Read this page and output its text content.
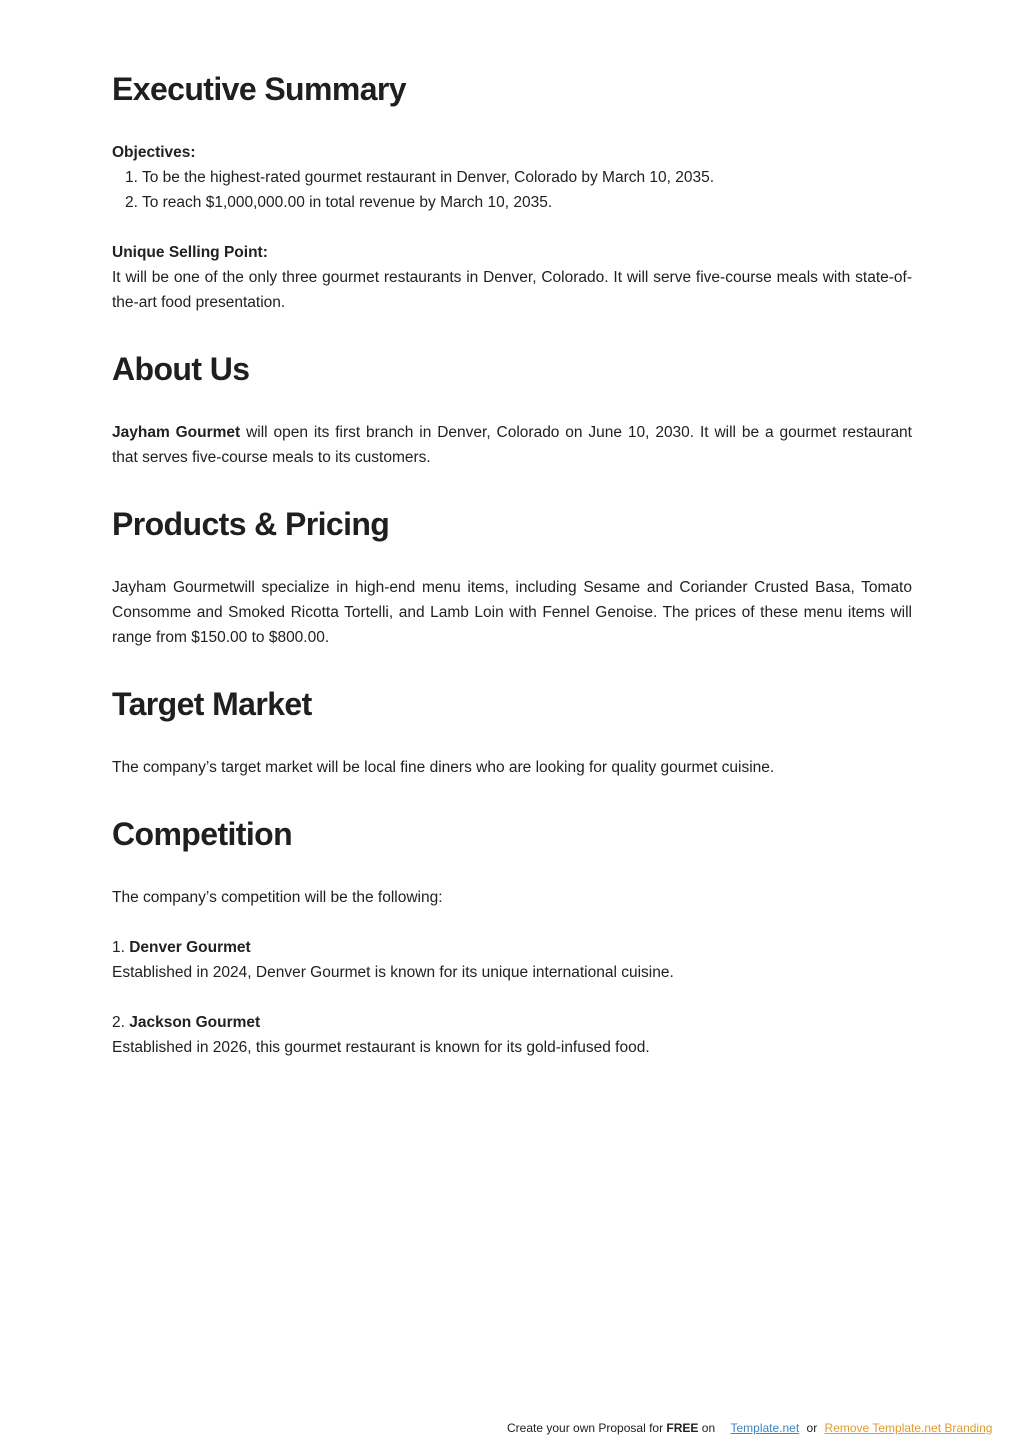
Executive Summary
Objectives:
1. To be the highest-rated gourmet restaurant in Denver, Colorado by March 10, 2035.
2. To reach $1,000,000.00 in total revenue by March 10, 2035.
Unique Selling Point:

It will be one of the only three gourmet restaurants in Denver, Colorado. It will serve five-course meals with state-of-the-art food presentation.

About Us

Jayham Gourmet will open its first branch in Denver, Colorado on June 10, 2030. It will be a gourmet restaurant that serves five-course meals to its customers.

Products & Pricing

Jayham Gourmetwill specialize in high-end menu items, including Sesame and Coriander Crusted Basa, Tomato Consomme and Smoked Ricotta Tortelli, and Lamb Loin with Fennel Genoise. The prices of these menu items will range from $150.00 to $800.00.

Target Market

The company’s target market will be local fine diners who are looking for quality gourmet cuisine.

Competition

The company’s competition will be the following:

1. Denver Gourmet

Established in 2024, Denver Gourmet is known for its unique international cuisine.

2. Jackson Gourmet

Established in 2026, this gourmet restaurant is known for its gold-infused food.

Create your own Proposal for FREE on Template.net or Remove Template.net Branding
